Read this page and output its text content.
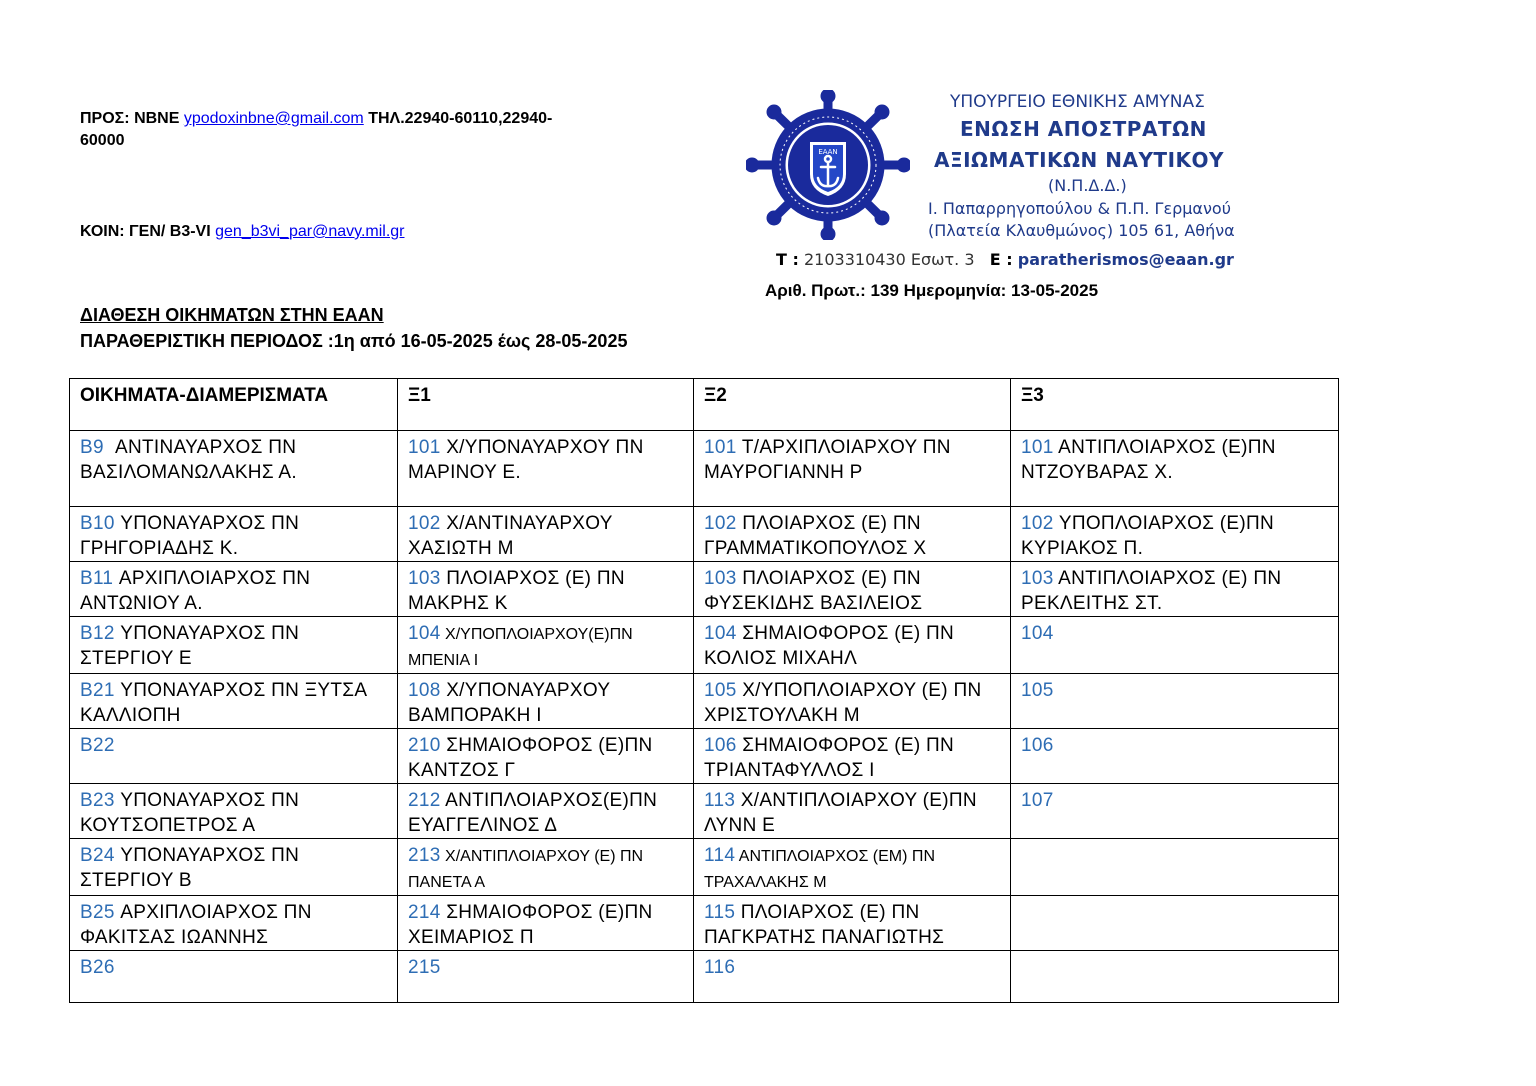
ΠΡΟΣ: ΝΒΝΕ ypodoxinbne@gmail.com ΤΗΛ.22940-60110,22940-
60000
ΚΟΙΝ: ΓΕΝ/ Β3-VI gen_b3vi_par@navy.mil.gr
ΕΑΑΝ
ΥΠΟΥΡΓΕΙΟ ΕΘΝΙΚΗΣ ΑΜΥΝΑΣ
ΕΝΩΣΗ ΑΠΟΣΤΡΑΤΩΝ
ΑΞΙΩΜΑΤΙΚΩΝ ΝΑΥΤΙΚΟΥ
(Ν.Π.Δ.Δ.)
Ι. Παπαρρηγοπούλου & Π.Π. Γερμανού
(Πλατεία Κλαυθμώνος) 105 61, Αθήνα
Τ : 2103310430 Εσωτ. 3 Ε : paratherismos@eaan.gr
Αριθ. Πρωτ.: 139 Ημερομηνία: 13-05-2025
ΔΙΑΘΕΣΗ ΟΙΚΗΜΑΤΩΝ ΣΤΗΝ ΕΑΑΝ
ΠΑΡΑΘΕΡΙΣΤΙΚΗ ΠΕΡΙΟΔΟΣ :1η από 16-05-2025 έως 28-05-2025
ΟΙΚΗΜΑΤΑ-ΔΙΑΜΕΡΙΣΜΑΤΑ	Ξ1	Ξ2	Ξ3
B9  ΑΝΤΙΝΑΥΑΡΧΟΣ ΠΝ ΒΑΣΙΛΟΜΑΝΩΛΑΚΗΣ Α.	101 Χ/ΥΠΟΝΑΥΑΡΧΟΥ ΠΝ ΜΑΡΙΝΟΥ Ε.	101 Τ/ΑΡΧΙΠΛΟΙΑΡΧΟΥ ΠΝ ΜΑΥΡΟΓΙΑΝΝΗ Ρ	101 ΑΝΤΙΠΛΟΙΑΡΧΟΣ (Ε)ΠΝ ΝΤΖΟΥΒΑΡΑΣ Χ.
B10 ΥΠΟΝΑΥΑΡΧΟΣ ΠΝ ΓΡΗΓΟΡΙΑΔΗΣ Κ.	102 Χ/ΑΝΤΙΝΑΥΑΡΧΟΥ ΧΑΣΙΩΤΗ Μ	102 ΠΛΟΙΑΡΧΟΣ (Ε) ΠΝ ΓΡΑΜΜΑΤΙΚΟΠΟΥΛΟΣ Χ	102 ΥΠΟΠΛΟΙΑΡΧΟΣ (Ε)ΠΝ ΚΥΡΙΑΚΟΣ Π.
B11 ΑΡΧΙΠΛΟΙΑΡΧΟΣ ΠΝ ΑΝΤΩΝΙΟΥ Α.	103 ΠΛΟΙΑΡΧΟΣ (Ε) ΠΝ ΜΑΚΡΗΣ Κ	103 ΠΛΟΙΑΡΧΟΣ (Ε) ΠΝ ΦΥΣΕΚΙΔΗΣ ΒΑΣΙΛΕΙΟΣ	103 ΑΝΤΙΠΛΟΙΑΡΧΟΣ (Ε) ΠΝ ΡΕΚΛΕΙΤΗΣ ΣΤ.
B12 ΥΠΟΝΑΥΑΡΧΟΣ ΠΝ ΣΤΕΡΓΙΟΥ Ε	104 Χ/ΥΠΟΠΛΟΙΑΡΧΟΥ(Ε)ΠΝ ΜΠΕΝΙΑ Ι	104 ΣΗΜΑΙΟΦΟΡΟΣ (Ε) ΠΝ ΚΟΛΙΟΣ ΜΙΧΑΗΛ	104
B21 ΥΠΟΝΑΥΑΡΧΟΣ ΠΝ ΞΥΤΣΑ ΚΑΛΛΙΟΠΗ	108 Χ/ΥΠΟΝΑΥΑΡΧΟΥ ΒΑΜΠΟΡΑΚΗ Ι	105 Χ/ΥΠΟΠΛΟΙΑΡΧΟΥ (Ε) ΠΝ ΧΡΙΣΤΟΥΛΑΚΗ Μ	105
B22	210 ΣΗΜΑΙΟΦΟΡΟΣ (Ε)ΠΝ ΚΑΝΤΖΟΣ Γ	106 ΣΗΜΑΙΟΦΟΡΟΣ (Ε) ΠΝ ΤΡΙΑΝΤΑΦΥΛΛΟΣ Ι	106
B23 ΥΠΟΝΑΥΑΡΧΟΣ ΠΝ ΚΟΥΤΣΟΠΕΤΡΟΣ Α	212 ΑΝΤΙΠΛΟΙΑΡΧΟΣ(Ε)ΠΝ ΕΥΑΓΓΕΛΙΝΟΣ Δ	113 Χ/ΑΝΤΙΠΛΟΙΑΡΧΟΥ (Ε)ΠΝ ΛΥΝΝ Ε	107
B24 ΥΠΟΝΑΥΑΡΧΟΣ ΠΝ ΣΤΕΡΓΙΟΥ Β	213 Χ/ΑΝΤΙΠΛΟΙΑΡΧΟΥ (Ε) ΠΝ ΠΑΝΕΤΑ Α	114 ΑΝΤΙΠΛΟΙΑΡΧΟΣ (ΕΜ) ΠΝ ΤΡΑΧΑΛΑΚΗΣ Μ	
B25 ΑΡΧΙΠΛΟΙΑΡΧΟΣ ΠΝ ΦΑΚΙΤΣΑΣ ΙΩΑΝΝΗΣ	214 ΣΗΜΑΙΟΦΟΡΟΣ (Ε)ΠΝ ΧΕΙΜΑΡΙΟΣ Π	115 ΠΛΟΙΑΡΧΟΣ (Ε) ΠΝ ΠΑΓΚΡΑΤΗΣ ΠΑΝΑΓΙΩΤΗΣ	
B26	215	116	
